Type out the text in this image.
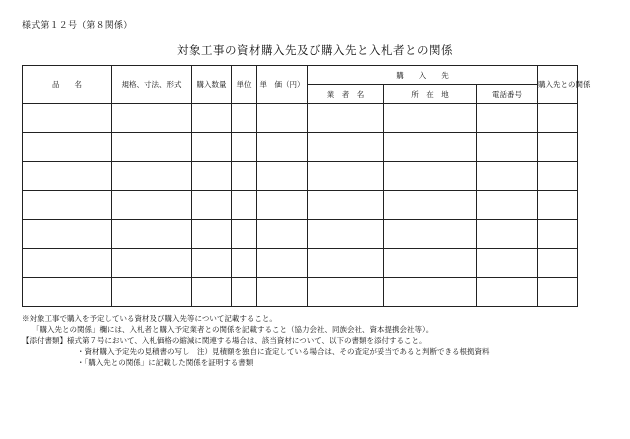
様式第１２号（第８関係）
対象工事の資材購入先及び購入先と入札者との関係
品　　名	規格、寸法、形式	購入数量	単位	単　価（円）	購　　入　　先			購入先との関係
					業　者　名	所　在　地	電話番号	

※対象工事で購入を予定している資材及び購入先等について記載すること。
「購入先との関係」欄には、入札者と購入予定業者との関係を記載すること（協力会社、同族会社、資本提携会社等）。
【添付書類】様式第７号において、入札価格の縮減に関連する場合は、該当資材について、以下の書類を添付すること。
・資材購入予定先の見積書の写し　注）見積額を独自に査定している場合は、その査定が妥当であると判断できる根拠資料
・「購入先との関係」に記載した関係を証明する書類
